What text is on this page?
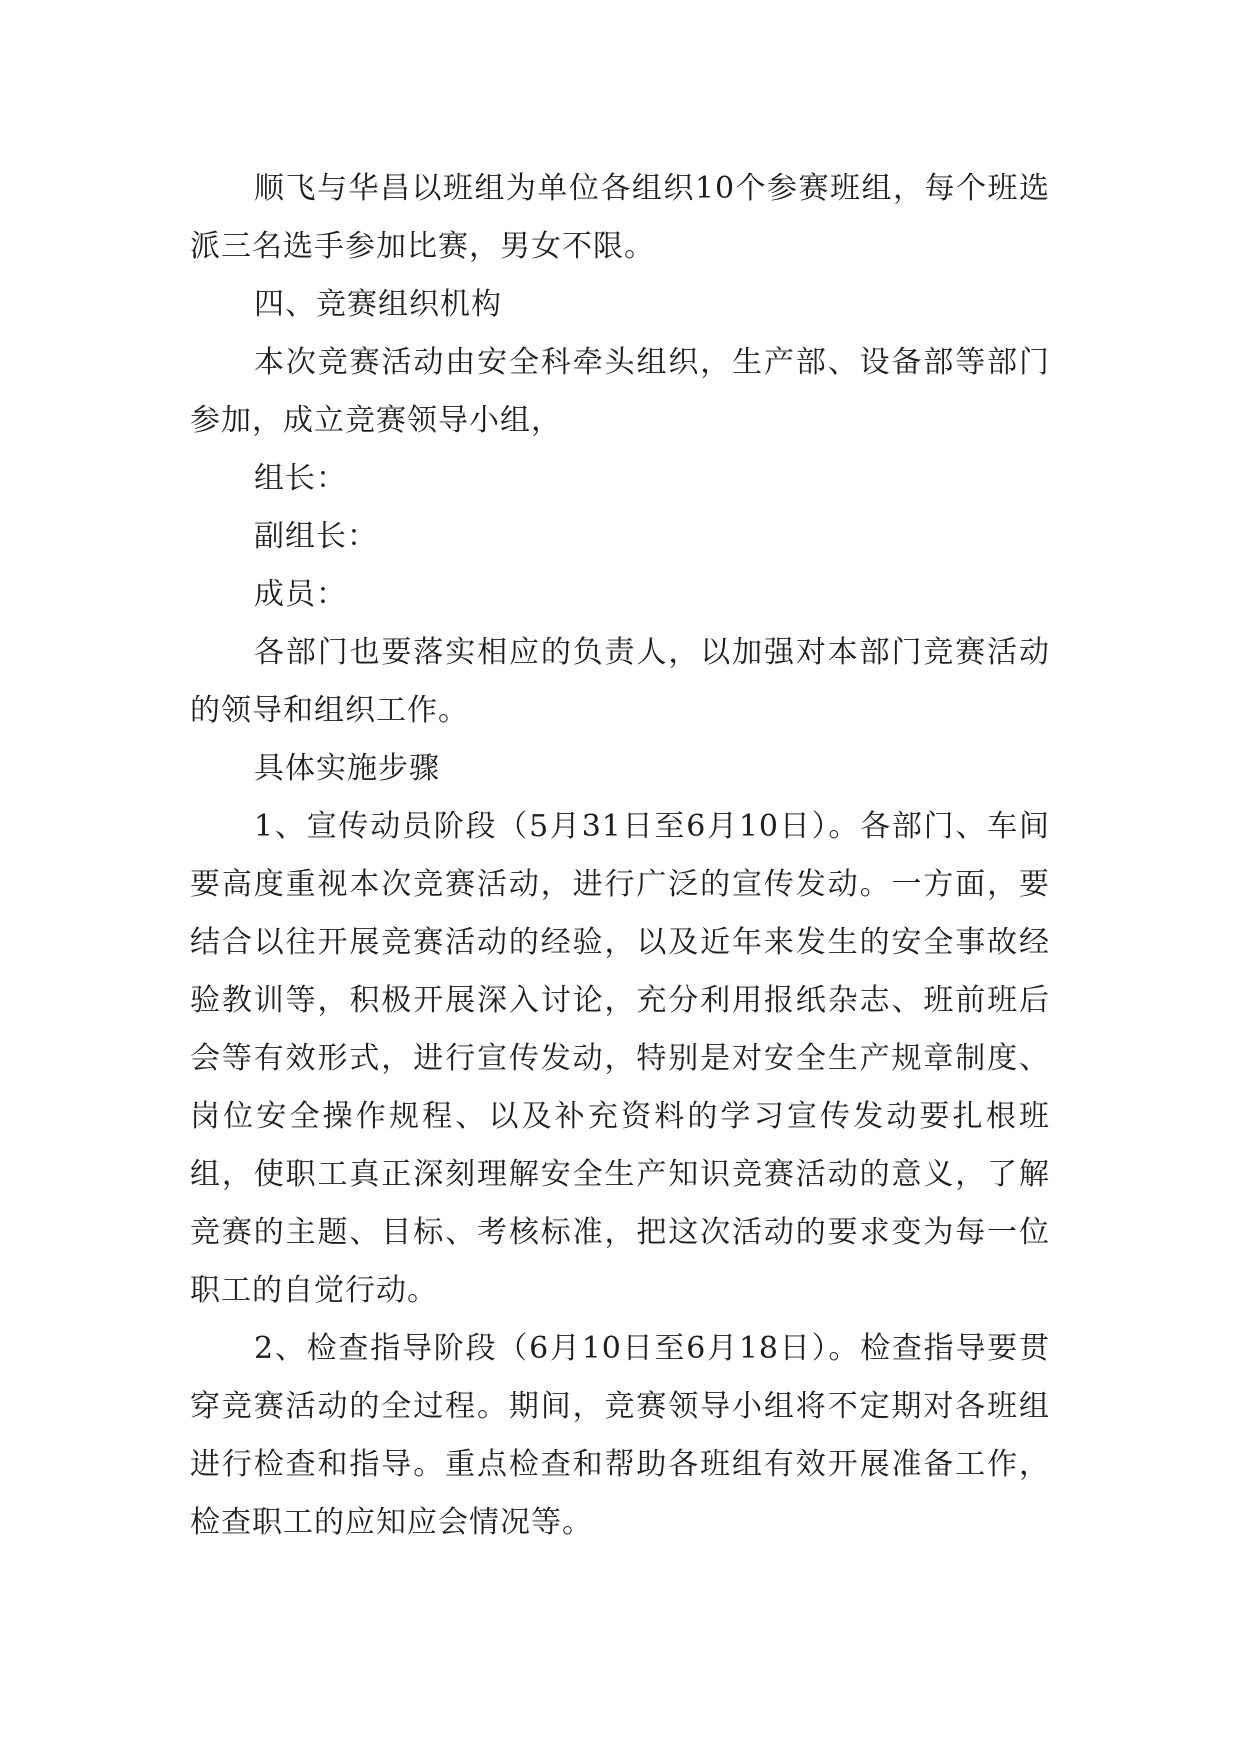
顺飞与华昌以班组为单位各组织10个参赛班组，每个班选派三名选手参加比赛，男女不限。

四、竞赛组织机构

本次竞赛活动由安全科牵头组织，生产部、设备部等部门参加，成立竞赛领导小组，

组长：

副组长：

成员：

各部门也要落实相应的负责人，以加强对本部门竞赛活动的领导和组织工作。

具体实施步骤

1、宣传动员阶段（5月31日至6月10日）。各部门、车间要高度重视本次竞赛活动，进行广泛的宣传发动。一方面，要结合以往开展竞赛活动的经验，以及近年来发生的安全事故经验教训等，积极开展深入讨论，充分利用报纸杂志、班前班后会等有效形式，进行宣传发动，特别是对安全生产规章制度、岗位安全操作规程、以及补充资料的学习宣传发动要扎根班组，使职工真正深刻理解安全生产知识竞赛活动的意义，了解竞赛的主题、目标、考核标准，把这次活动的要求变为每一位职工的自觉行动。

2、检查指导阶段（6月10日至6月18日）。检查指导要贯穿竞赛活动的全过程。期间，竞赛领导小组将不定期对各班组进行检查和指导。重点检查和帮助各班组有效开展准备工作，检查职工的应知应会情况等。
